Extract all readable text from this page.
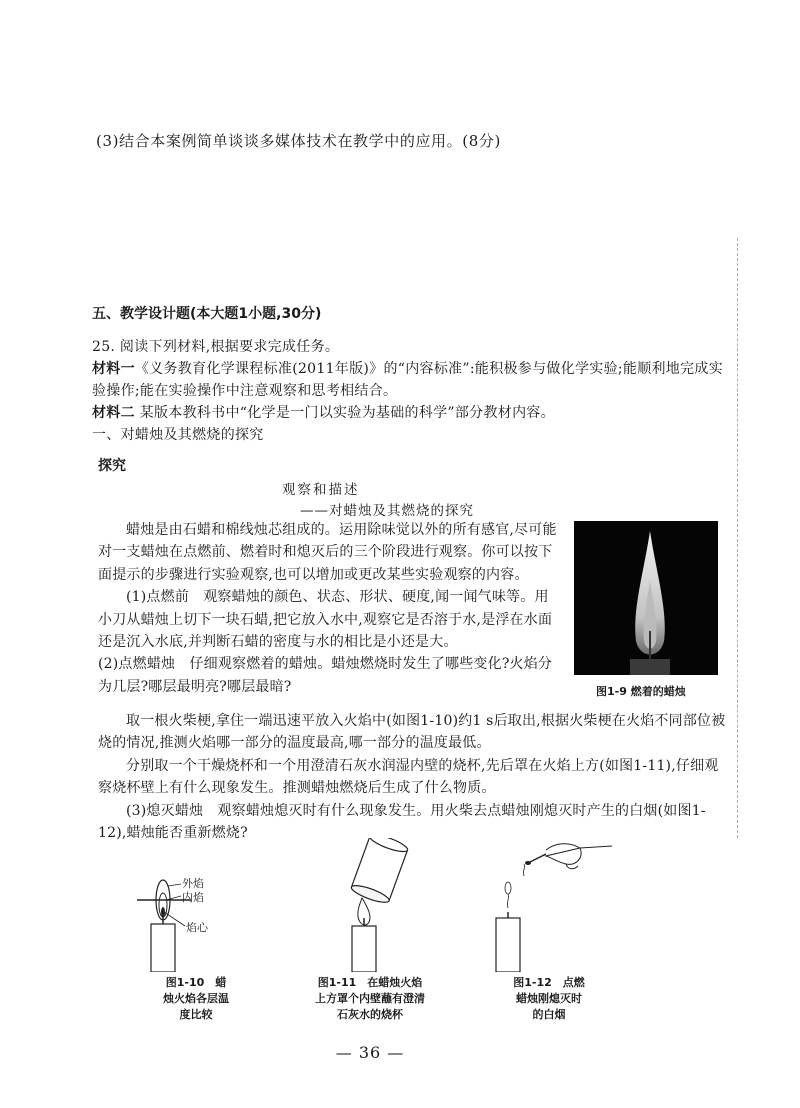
(3)结合本案例简单谈谈多媒体技术在教学中的应用。(8分)
五、教学设计题(本大题1小题,30分)

25. 阅读下列材料,根据要求完成任务。

材料一《义务教育化学课程标准(2011年版)》的“内容标准”:能积极参与做化学实验;能顺利地完成实验操作;能在实验操作中注意观察和思考相结合。

材料二 某版本教科书中“化学是一门以实验为基础的科学”部分教材内容。

一、对蜡烛及其燃烧的探究

探究
观察和描述
——对蜡烛及其燃烧的探究

蜡烛是由石蜡和棉线烛芯组成的。运用除味觉以外的所有感官,尽可能对一支蜡烛在点燃前、燃着时和熄灭后的三个阶段进行观察。你可以按下面提示的步骤进行实验观察,也可以增加或更改某些实验观察的内容。

(1)点燃前　观察蜡烛的颜色、状态、形状、硬度,闻一闻气味等。用小刀从蜡烛上切下一块石蜡,把它放入水中,观察它是否溶于水,是浮在水面还是沉入水底,并判断石蜡的密度与水的相比是小还是大。

(2)点燃蜡烛　仔细观察燃着的蜡烛。蜡烛燃烧时发生了哪些变化?火焰分为几层?哪层最明亮?哪层最暗?	图1-9 燃着的蜡烛

取一根火柴梗,拿住一端迅速平放入火焰中(如图1-10)约1 s后取出,根据火柴梗在火焰不同部位被烧的情况,推测火焰哪一部分的温度最高,哪一部分的温度最低。

分别取一个干燥烧杯和一个用澄清石灰水润湿内壁的烧杯,先后罩在火焰上方(如图1-11),仔细观察烧杯壁上有什么现象发生。推测蜡烛燃烧后生成了什么物质。

(3)熄灭蜡烛　观察蜡烛熄灭时有什么现象发生。用火柴去点蜡烛刚熄灭时产生的白烟(如图1-12),蜡烛能否重新燃烧?

外焰
内焰
焰心
图1-10　蜡
烛火焰各层温
度比较
图1-11　在蜡烛火焰
上方罩个内壁蘸有澄清
石灰水的烧杯
图1-12　点燃
蜡烛刚熄灭时
的白烟
— 36 —
